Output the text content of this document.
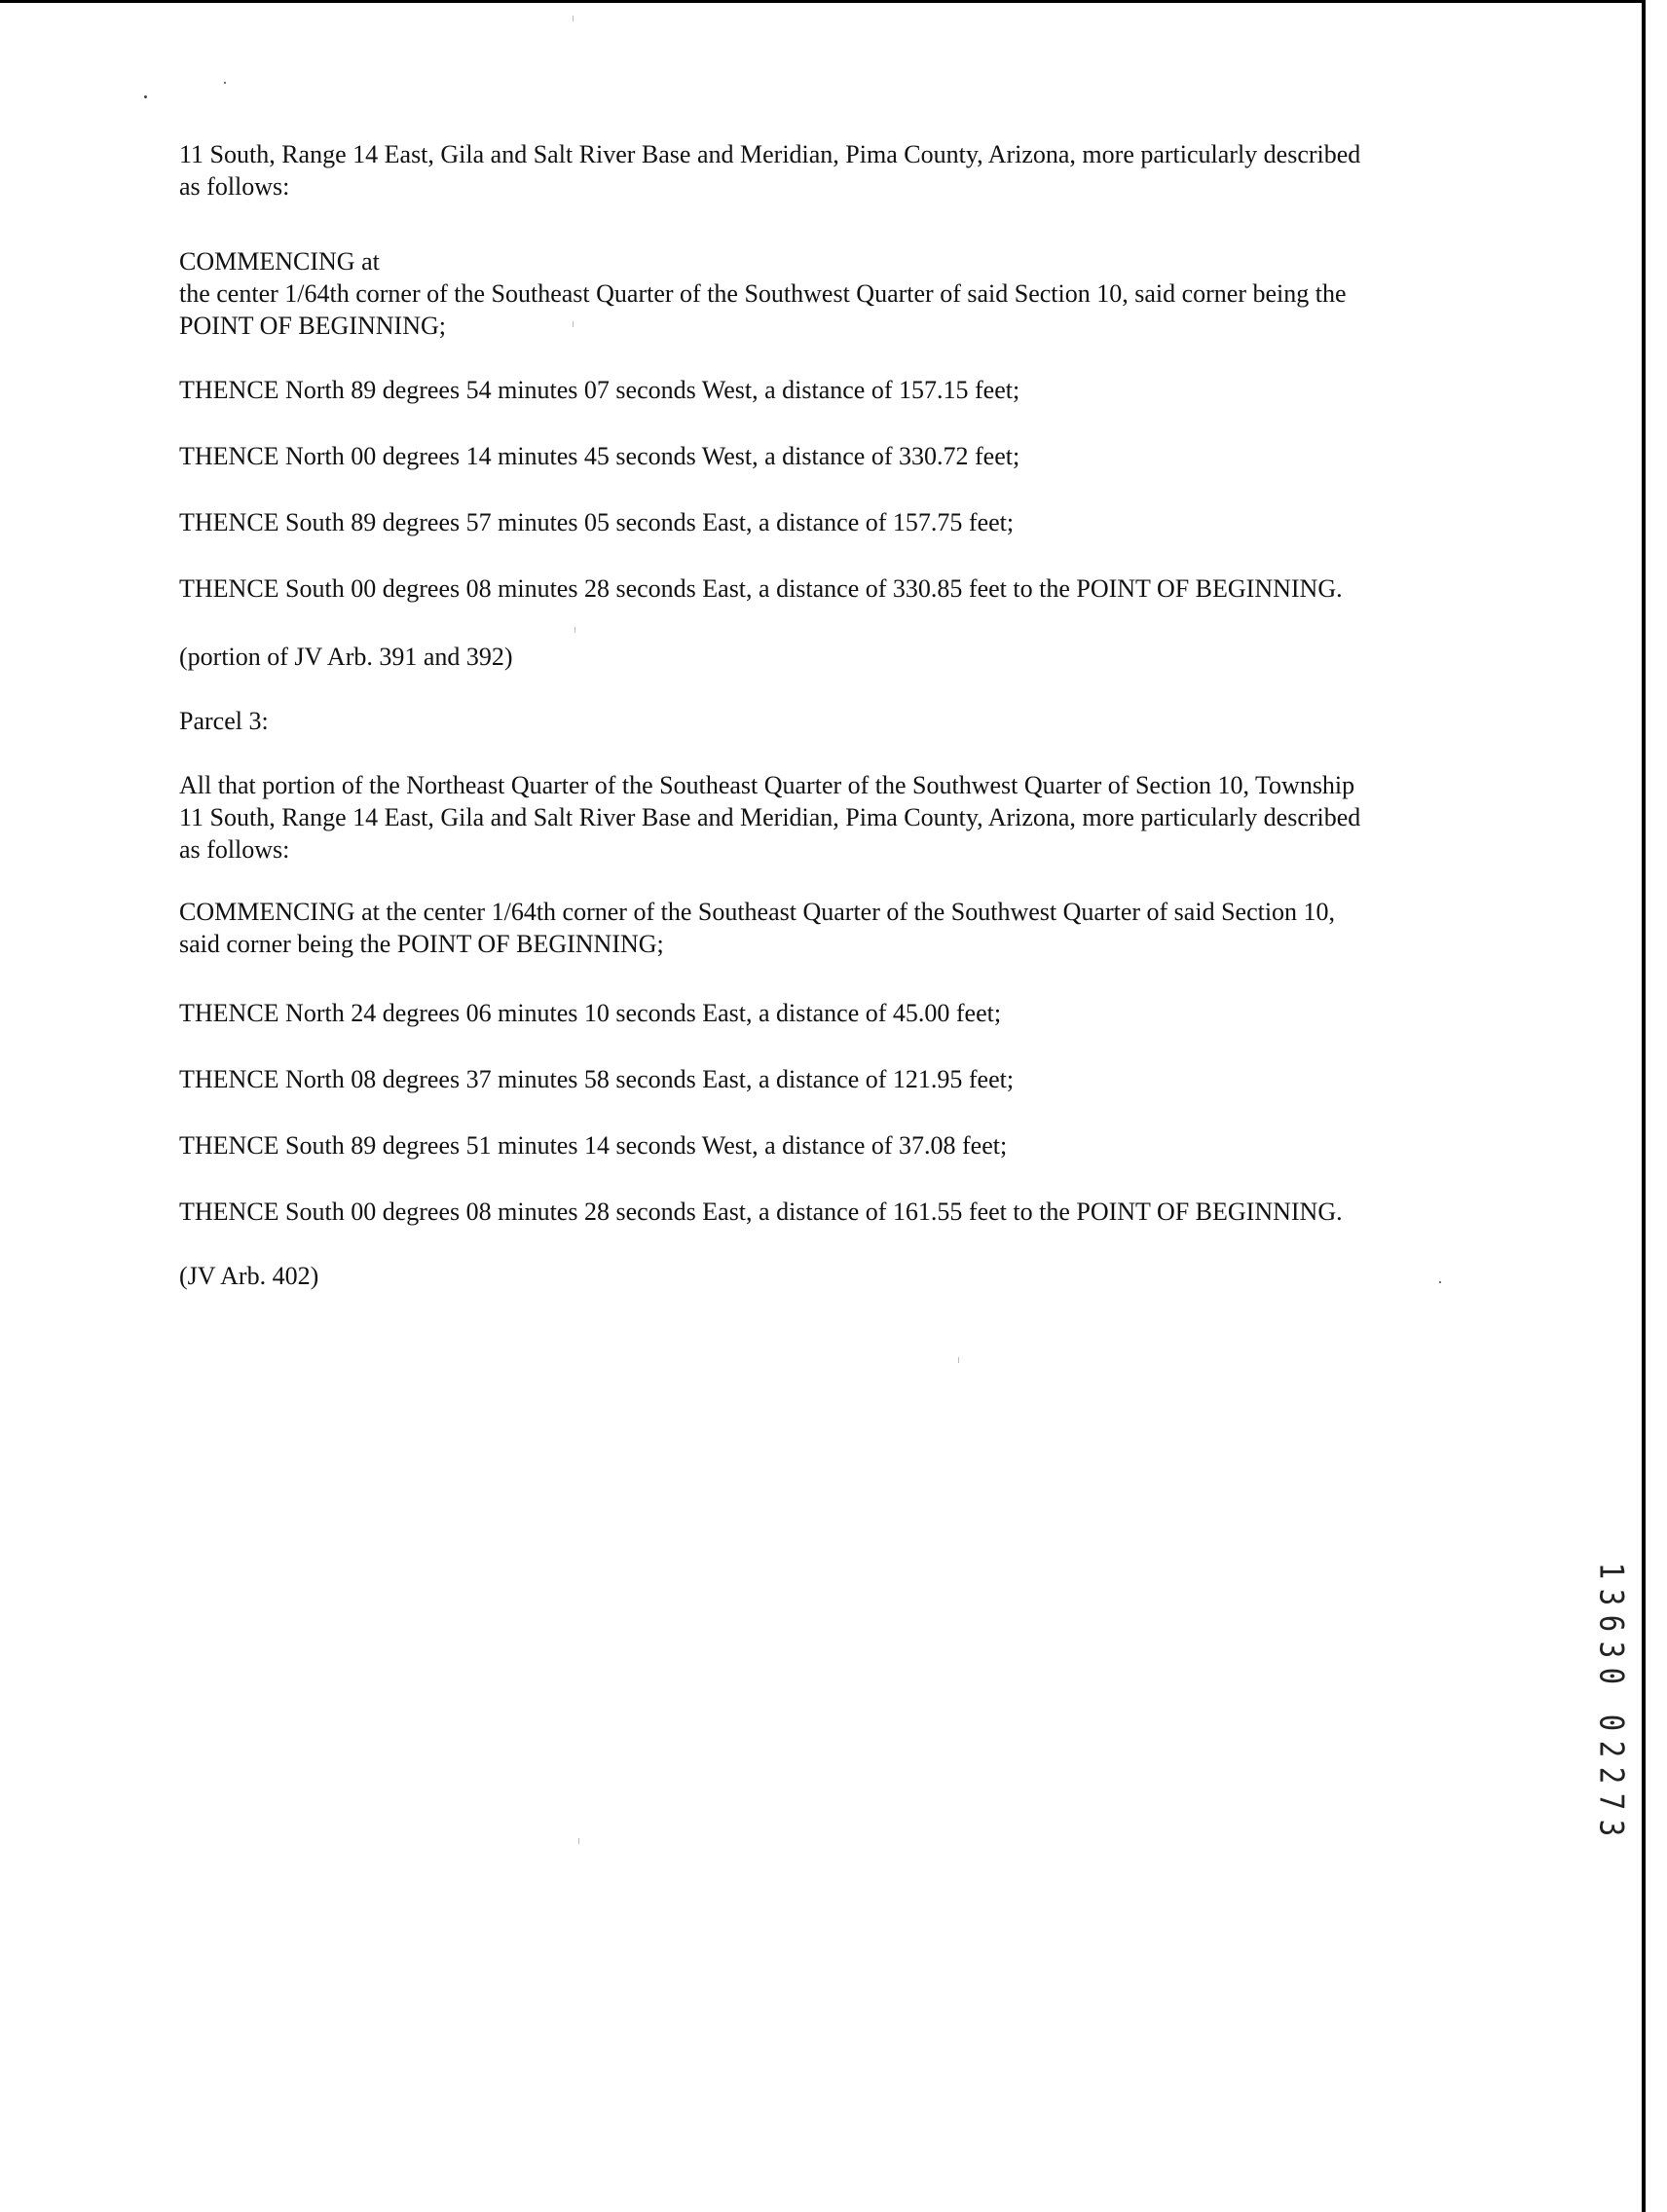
11 South, Range 14 East, Gila and Salt River Base and Meridian, Pima County, Arizona, more particularly described
as follows:

COMMENCING at
the center 1/64th corner of the Southeast Quarter of the Southwest Quarter of said Section 10, said corner being the
POINT OF BEGINNING;

THENCE North 89 degrees 54 minutes 07 seconds West, a distance of 157.15 feet;

THENCE North 00 degrees 14 minutes 45 seconds West, a distance of 330.72 feet;

THENCE South 89 degrees 57 minutes 05 seconds East, a distance of 157.75 feet;

THENCE South 00 degrees 08 minutes 28 seconds East, a distance of 330.85 feet to the POINT OF BEGINNING.

(portion of JV Arb. 391 and 392)

Parcel 3:

All that portion of the Northeast Quarter of the Southeast Quarter of the Southwest Quarter of Section 10, Township
11 South, Range 14 East, Gila and Salt River Base and Meridian, Pima County, Arizona, more particularly described
as follows:

COMMENCING at the center 1/64th corner of the Southeast Quarter of the Southwest Quarter of said Section 10,
said corner being the POINT OF BEGINNING;

THENCE North 24 degrees 06 minutes 10 seconds East, a distance of 45.00 feet;

THENCE North 08 degrees 37 minutes 58 seconds East, a distance of 121.95 feet;

THENCE South 89 degrees 51 minutes 14 seconds West, a distance of 37.08 feet;

THENCE South 00 degrees 08 minutes 28 seconds East, a distance of 161.55 feet to the POINT OF BEGINNING.

(JV Arb. 402)

1
3
6
3
0
0
2
2
7
3
